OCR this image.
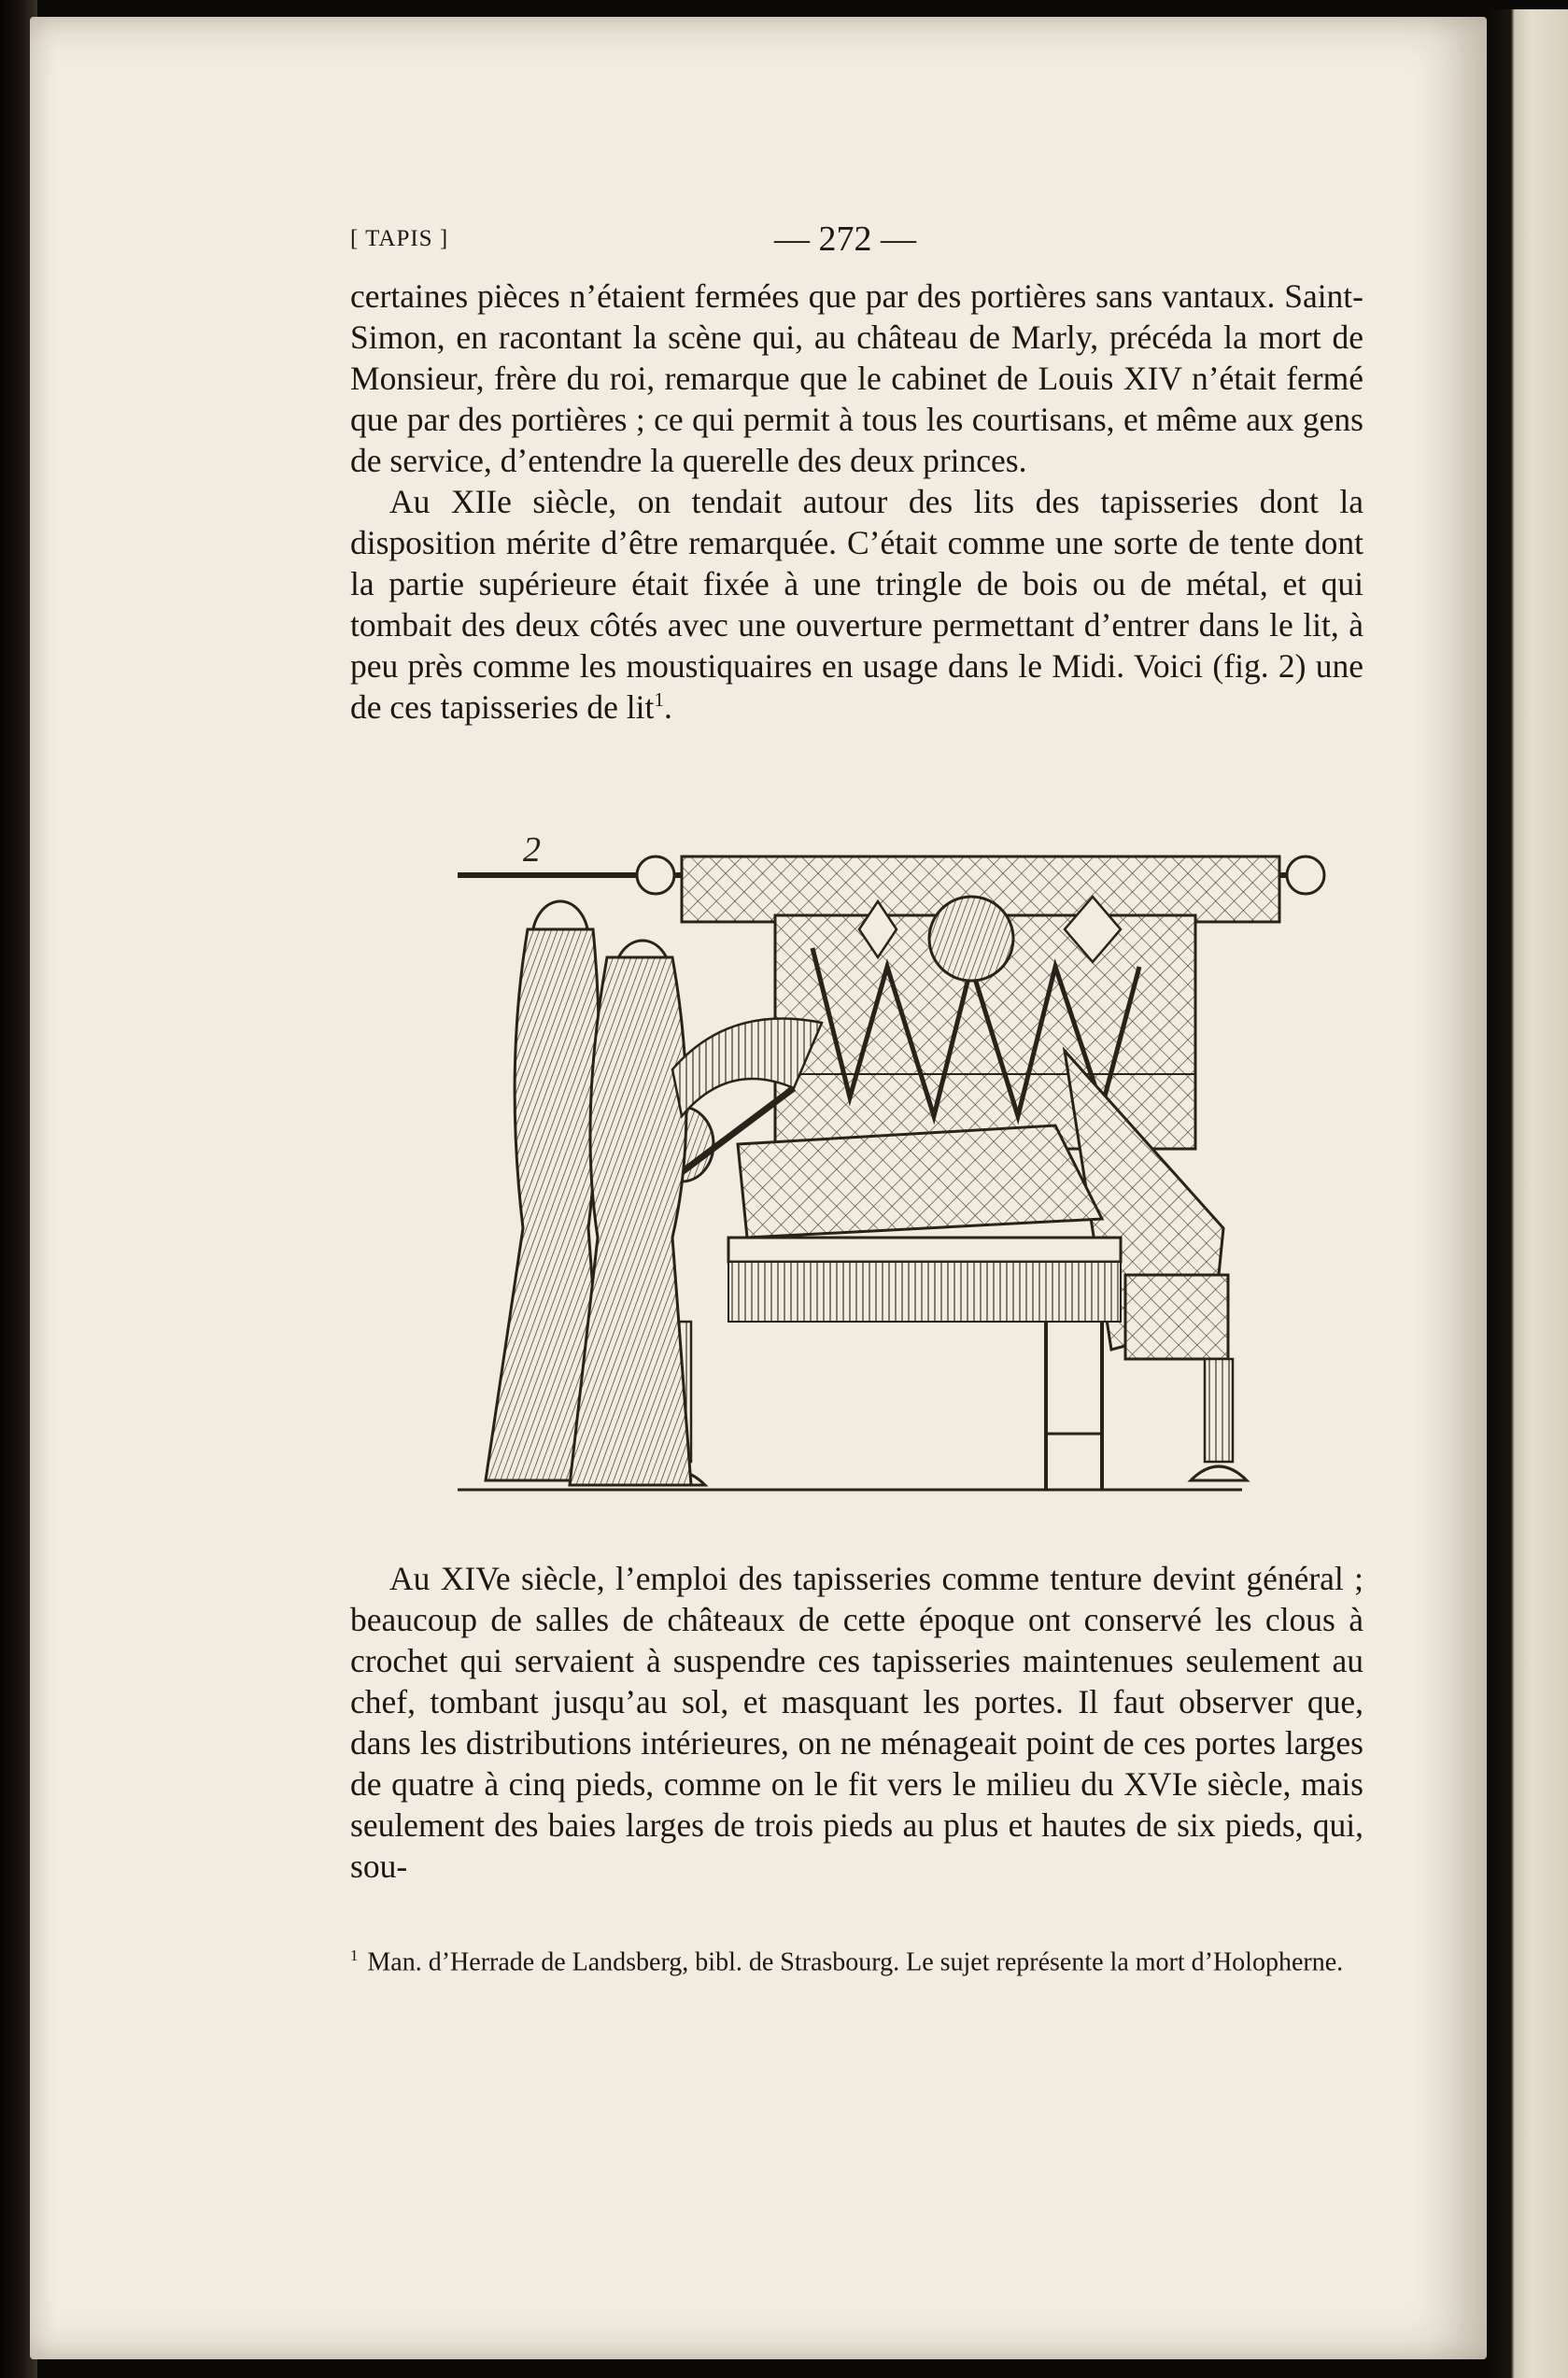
[ TAPIS ]	— 272 —

certaines pièces n’étaient fermées que par des portières sans vantaux. Saint-Simon, en racontant la scène qui, au château de Marly, précéda la mort de Monsieur, frère du roi, remarque que le cabinet de Louis XIV n’était fermé que par des portières ; ce qui permit à tous les courtisans, et même aux gens de service, d’entendre la querelle des deux princes.

Au XIIe siècle, on tendait autour des lits des tapisseries dont la disposition mérite d’être remarquée. C’était comme une sorte de tente dont la partie supérieure était fixée à une tringle de bois ou de métal, et qui tombait des deux côtés avec une ouverture permettant d’entrer dans le lit, à peu près comme les moustiquaires en usage dans le Midi. Voici (fig. 2) une de ces tapisseries de lit$^1$.

2

Au XIVe siècle, l’emploi des tapisseries comme tenture devint général ; beaucoup de salles de châteaux de cette époque ont conservé les clous à crochet qui servaient à suspendre ces tapisseries maintenues seulement au chef, tombant jusqu’au sol, et masquant les portes. Il faut observer que, dans les distributions intérieures, on ne ménageait point de ces portes larges de quatre à cinq pieds, comme on le fit vers le milieu du XVIe siècle, mais seulement des baies larges de trois pieds au plus et hautes de six pieds, qui, sou-

$^1$ Man. d’Herrade de Landsberg, bibl. de Strasbourg. Le sujet représente la mort d’Holopherne.
